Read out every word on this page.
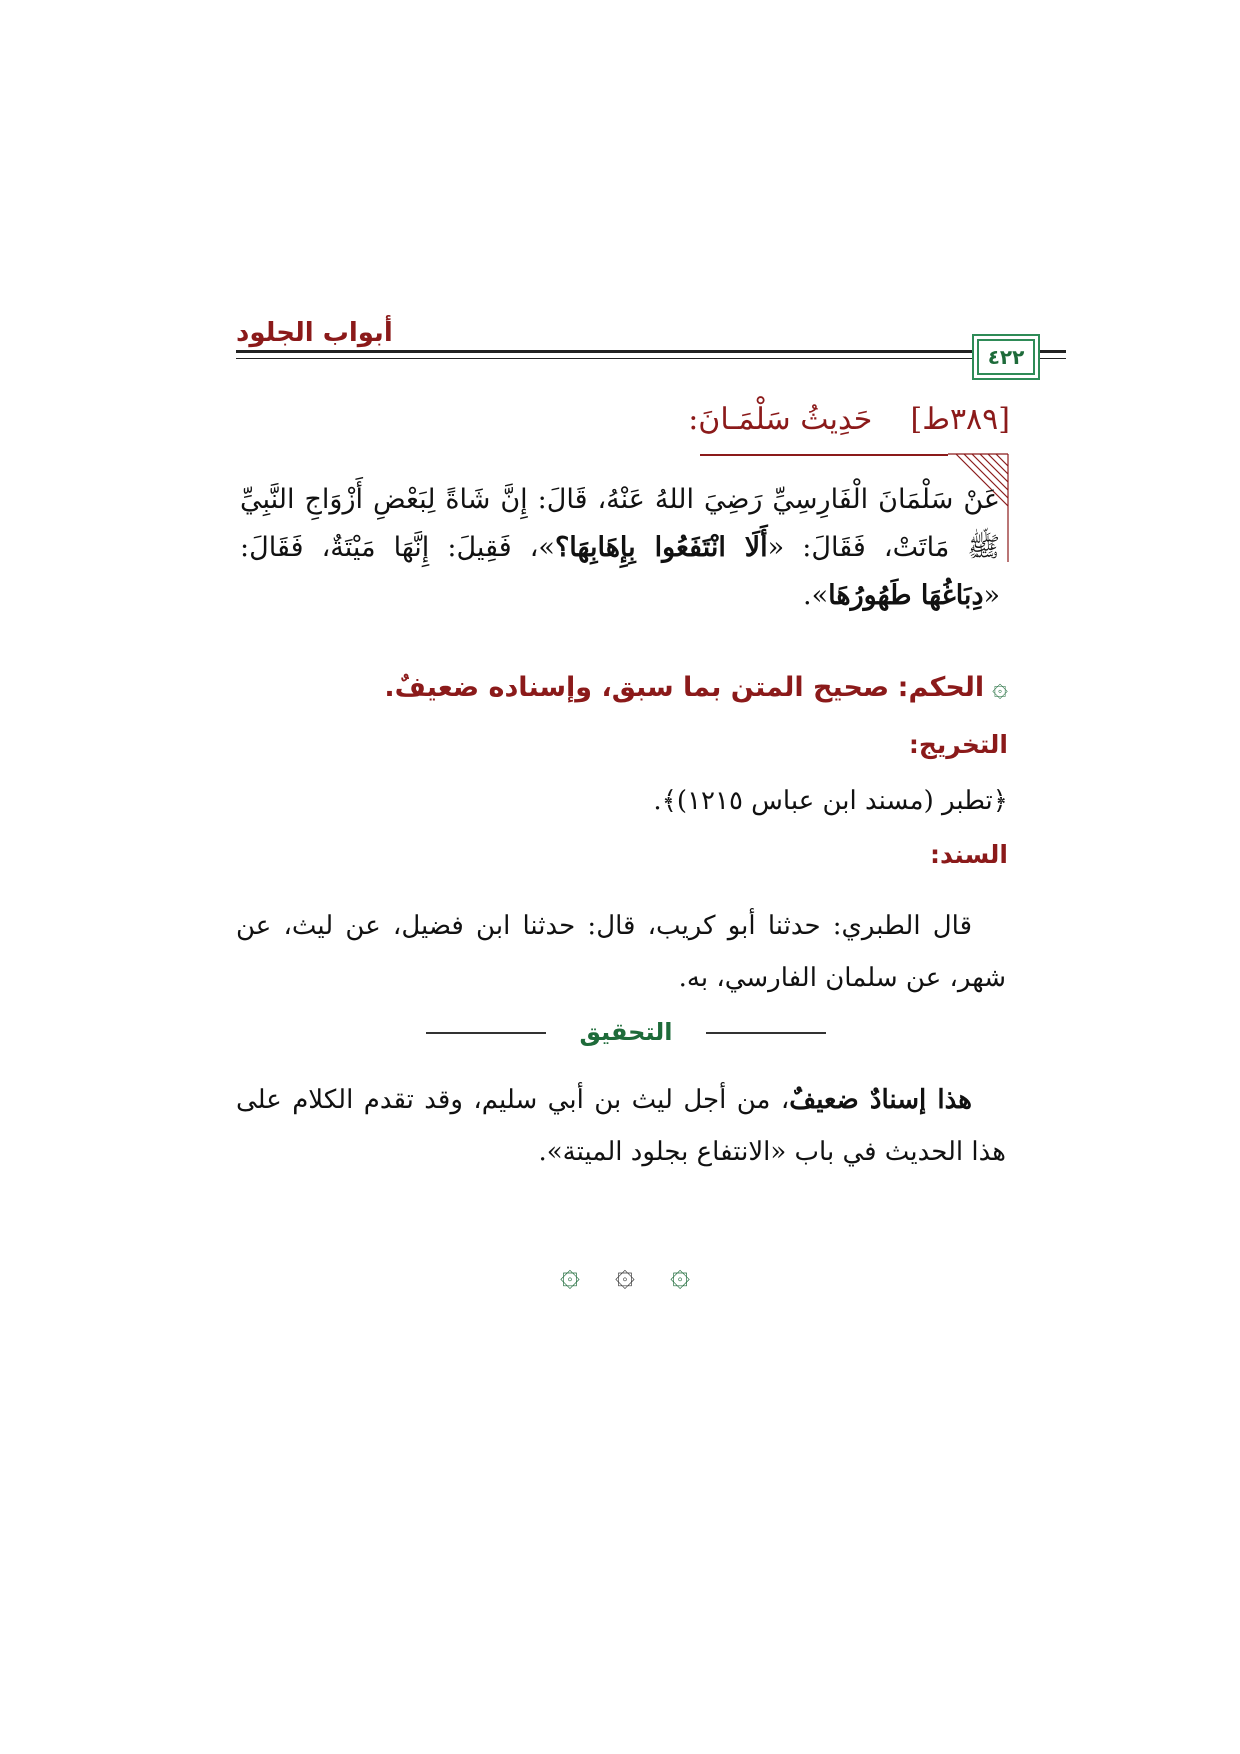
أبواب الجلود
٤٢٢
[٣٨٩ط]    حَدِيثُ سَلْمَـانَ:

عَنْ سَلْمَانَ الْفَارِسِيِّ رَضِيَ اللهُ عَنْهُ، قَالَ: إِنَّ شَاةً لِبَعْضِ أَزْوَاجِ النَّبِيِّ ﷺ مَاتَتْ، فَقَالَ: «أَلَا انْتَفَعُوا بِإِهَابِهَا؟»، فَقِيلَ: إِنَّهَا مَيْتَةٌ، فَقَالَ: «دِبَاغُهَا طَهُورُهَا».

۞الحكم: صحيح المتن بما سبق، وإسناده ضعيفٌ.
التخريج:
﴿تطبر (مسند ابن عباس ١٢١٥)﴾.
السند:

قال الطبري: حدثنا أبو كريب، قال: حدثنا ابن فضيل، عن ليث، عن شهر، عن سلمان الفارسي، به.

التحقيق

هذا إسنادٌ ضعيفٌ، من أجل ليث بن أبي سليم، وقد تقدم الكلام على هذا الحديث في باب «الانتفاع بجلود الميتة».

۞ ۞ ۞
